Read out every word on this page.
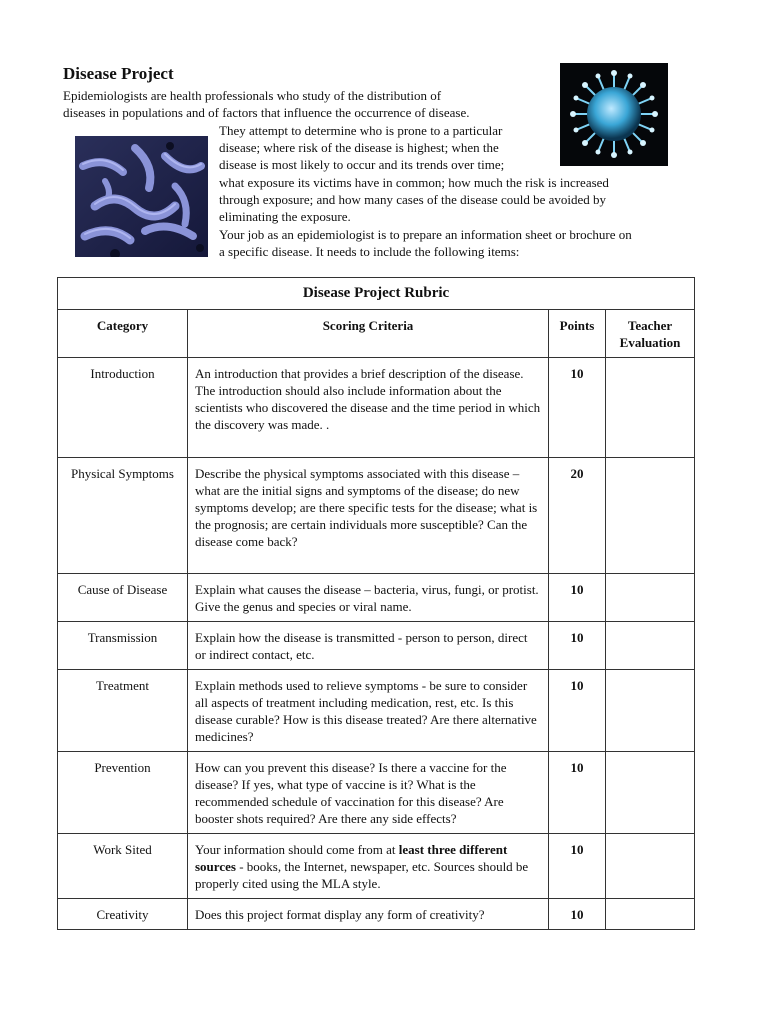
Disease Project
Epidemiologists are health professionals who study of the distribution of
diseases in populations and of factors that influence the occurrence of disease.
They attempt to determine who is prone to a particular
disease; where risk of the disease is highest; when the
disease is most likely to occur and its trends over time;
what exposure its victims have in common; how much the risk is increased
through exposure; and how many cases of the disease could be avoided by
eliminating the exposure.
Your job as an epidemiologist is to prepare an information sheet or brochure on
a specific disease. It needs to include the following items:
Disease Project Rubric			
Category	Scoring Criteria	Points	Teacher Evaluation
Introduction	An introduction that provides a brief description of the disease. The introduction should also include information about the scientists who discovered the disease and the time period in which the discovery was made. .	10	
Physical Symptoms	Describe the physical symptoms associated with this disease – what are the initial signs and symptoms of the disease; do new symptoms develop; are there specific tests for the disease; what is the prognosis; are certain individuals more susceptible? Can the disease come back?	20	
Cause of Disease	Explain what causes the disease – bacteria, virus, fungi, or protist. Give the genus and species or viral name.	10	
Transmission	Explain how the disease is transmitted - person to person, direct or indirect contact, etc.	10	
Treatment	Explain methods used to relieve symptoms - be sure to consider all aspects of treatment including medication, rest, etc. Is this disease curable? How is this disease treated? Are there alternative medicines?	10	
Prevention	How can you prevent this disease? Is there a vaccine for the disease? If yes, what type of vaccine is it? What is the recommended schedule of vaccination for this disease? Are booster shots required? Are there any side effects?	10	
Work Sited	Your information should come from at least three different sources - books, the Internet, newspaper, etc. Sources should be properly cited using the MLA style.	10	
Creativity	Does this project format display any form of creativity?	10	
